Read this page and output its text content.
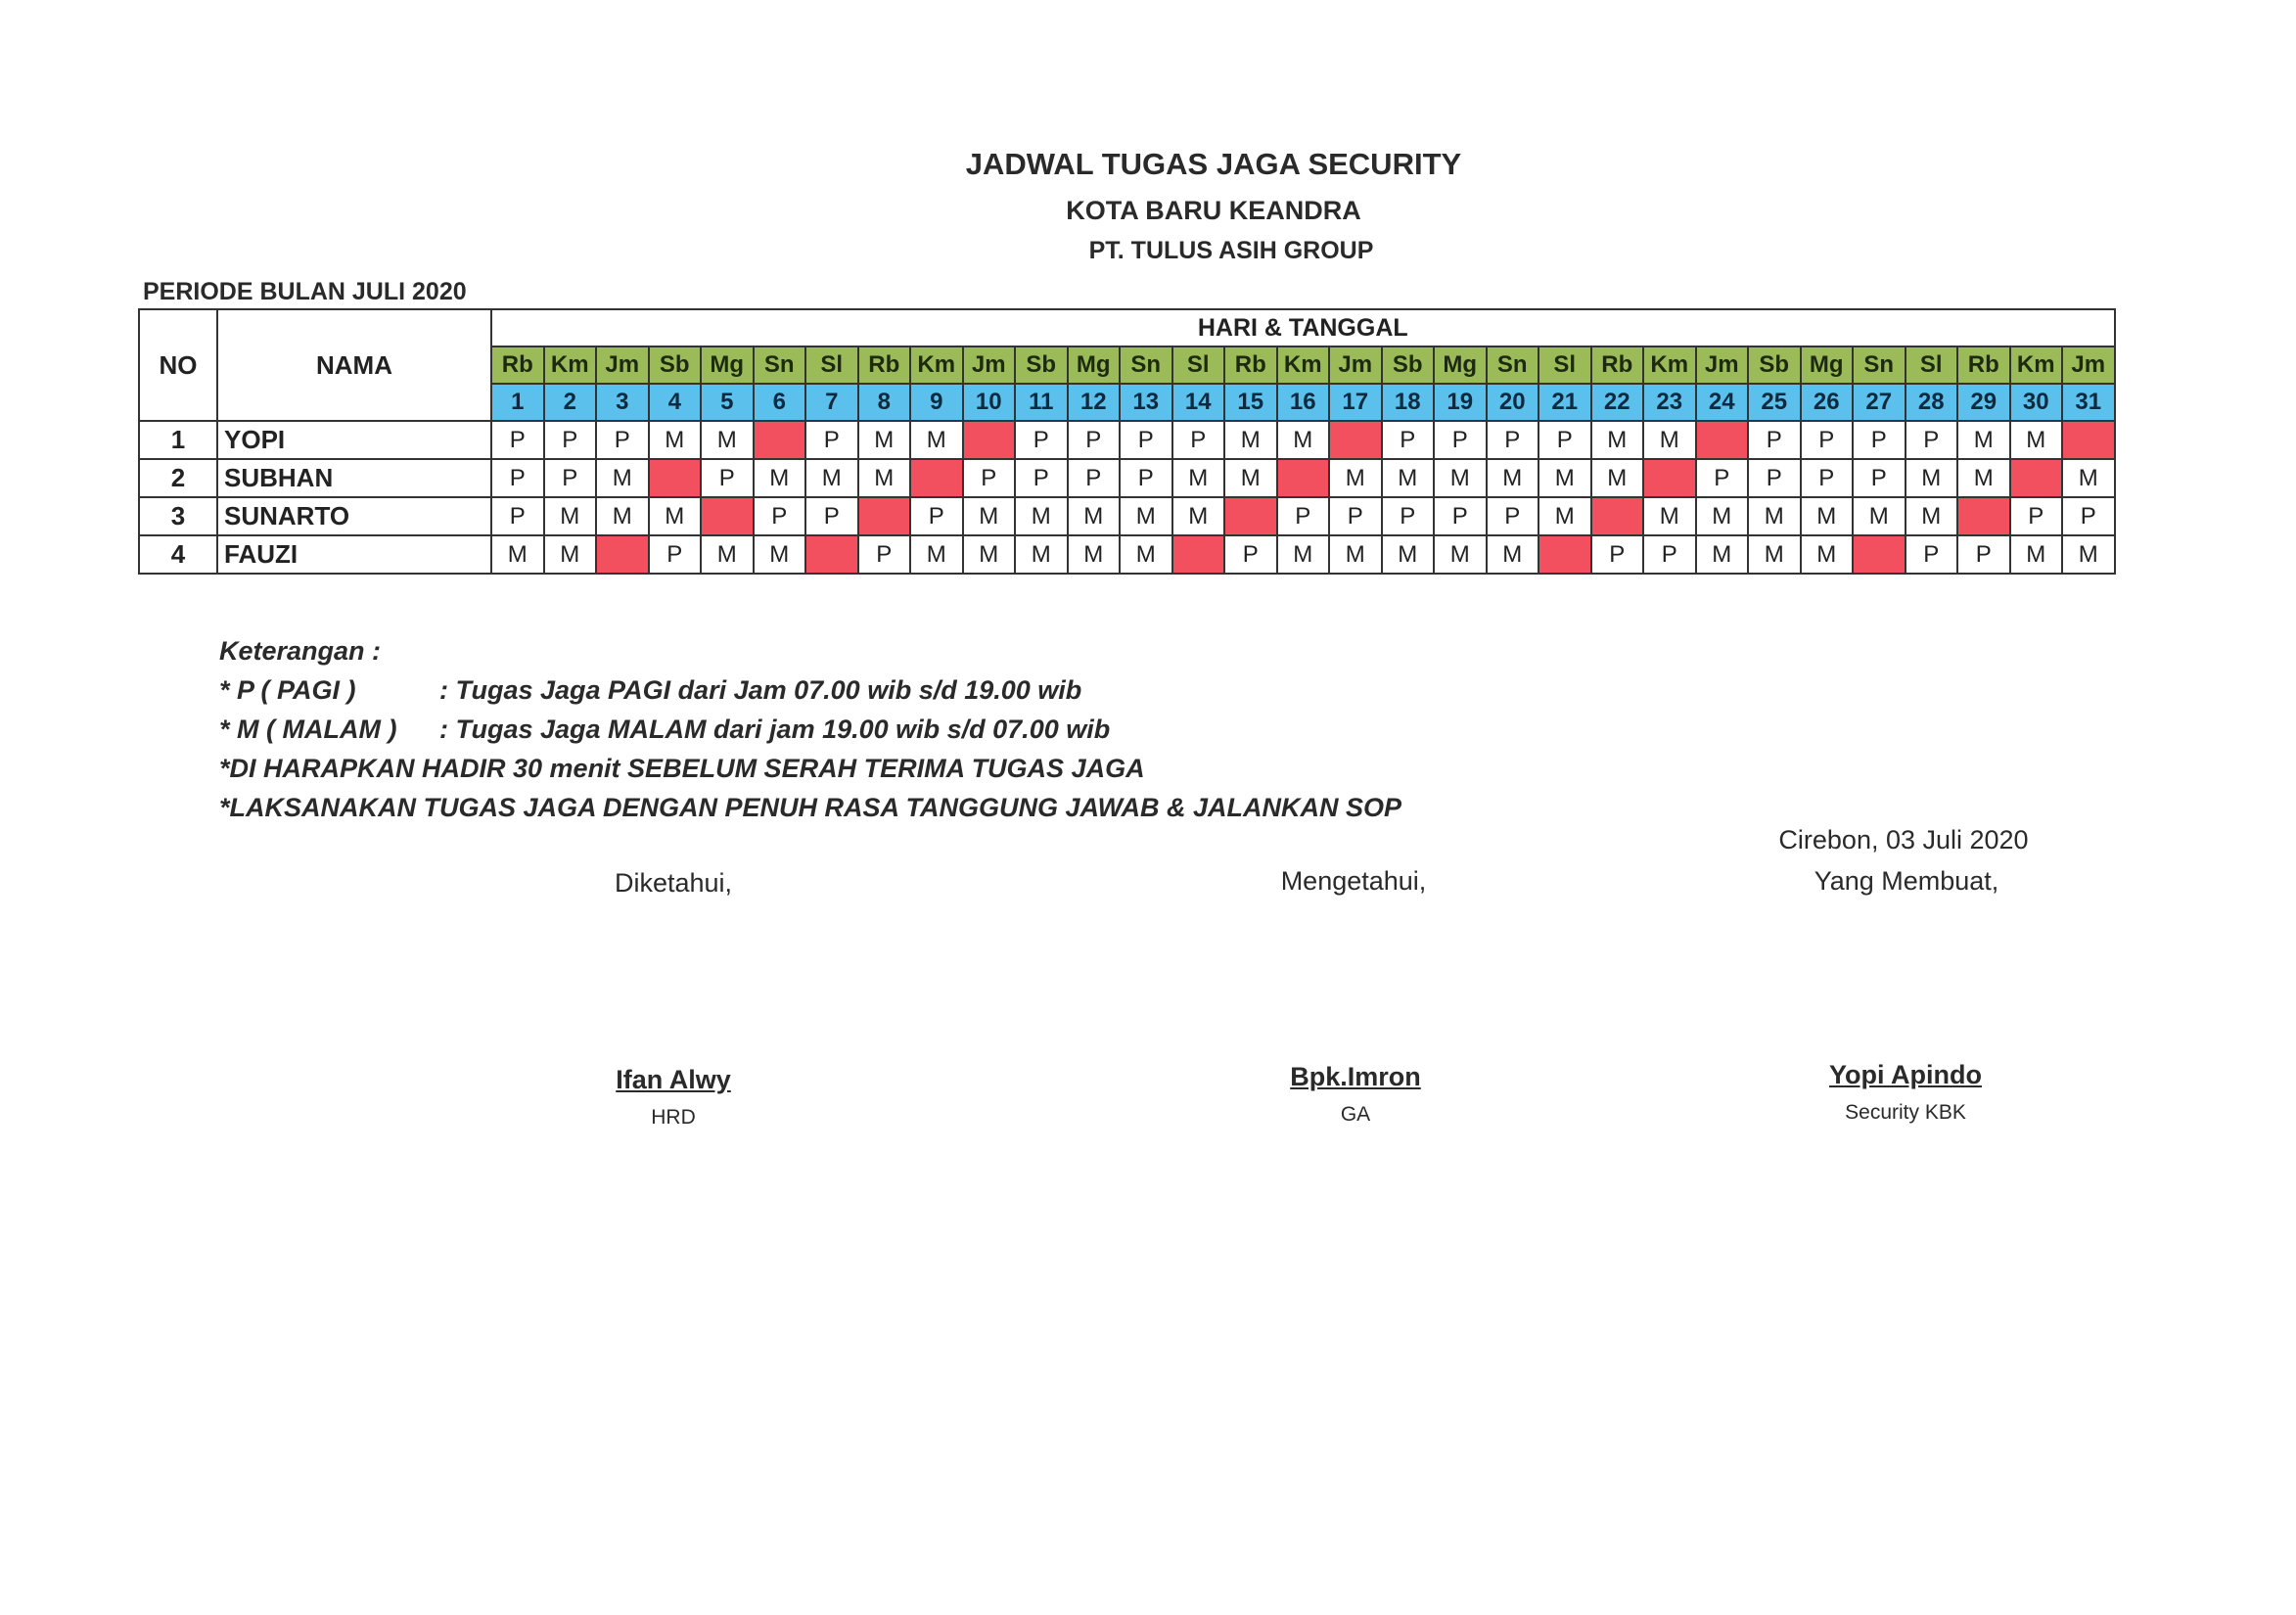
JADWAL TUGAS JAGA SECURITY
KOTA BARU KEANDRA
PT. TULUS ASIH GROUP
PERIODE BULAN JULI 2020
NO	NAMA	HARI & TANGGAL																														
		Rb	Km	Jm	Sb	Mg	Sn	Sl	Rb	Km	Jm	Sb	Mg	Sn	Sl	Rb	Km	Jm	Sb	Mg	Sn	Sl	Rb	Km	Jm	Sb	Mg	Sn	Sl	Rb	Km	Jm
		1	2	3	4	5	6	7	8	9	10	11	12	13	14	15	16	17	18	19	20	21	22	23	24	25	26	27	28	29	30	31
1	YOPI	P	P	P	M	M		P	M	M		P	P	P	P	M	M		P	P	P	P	M	M		P	P	P	P	M	M	
2	SUBHAN	P	P	M		P	M	M	M		P	P	P	P	M	M		M	M	M	M	M	M		P	P	P	P	M	M		M
3	SUNARTO	P	M	M	M		P	P		P	M	M	M	M	M		P	P	P	P	P	M		M	M	M	M	M	M		P	P
4	FAUZI	M	M		P	M	M		P	M	M	M	M	M		P	M	M	M	M	M		P	P	M	M	M		P	P	M	M
Keterangan :
* P ( PAGI )	: Tugas Jaga PAGI dari Jam 07.00 wib s/d 19.00 wib
* M ( MALAM ) : Tugas Jaga MALAM dari jam 19.00 wib s/d 07.00 wib
*DI HARAPKAN HADIR 30 menit SEBELUM SERAH TERIMA TUGAS JAGA
*LAKSANAKAN TUGAS JAGA DENGAN PENUH RASA TANGGUNG JAWAB & JALANKAN SOP
Cirebon, 03 Juli 2020
Diketahui,	Mengetahui,	Yang Membuat,
Ifan Alwy
HRD
Bpk.Imron
GA
Yopi Apindo
Security KBK
